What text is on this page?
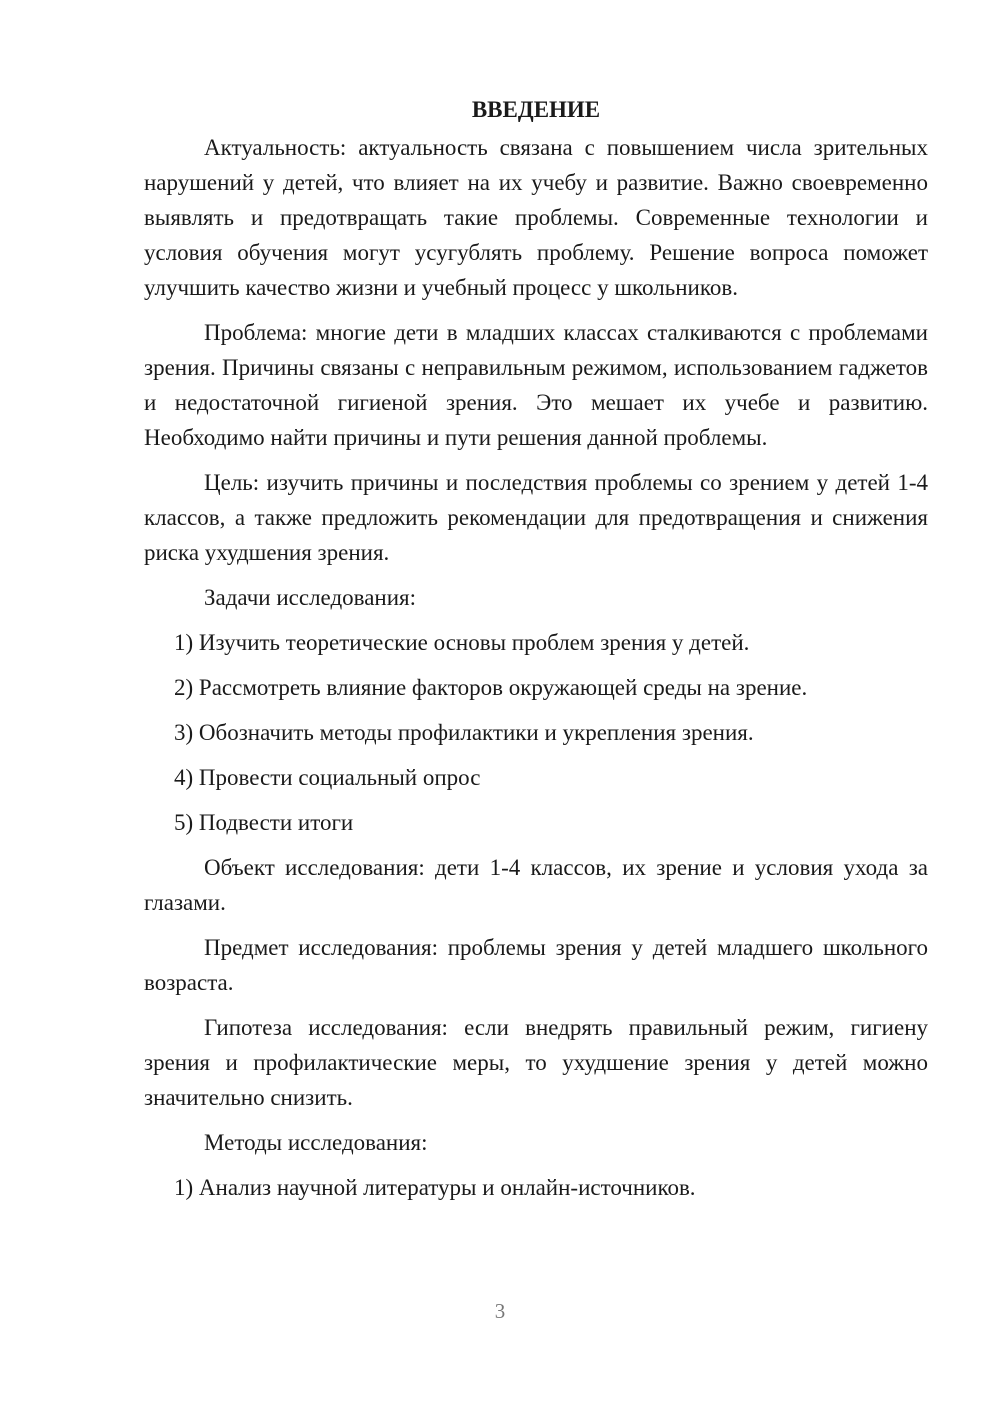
ВВЕДЕНИЕ

Актуальность: актуальность связана с повышением числа зрительных нарушений у детей, что влияет на их учебу и развитие. Важно своевременно выявлять и предотвращать такие проблемы. Современные технологии и условия обучения могут усугублять проблему. Решение вопроса поможет улучшить качество жизни и учебный процесс у школьников.

Проблема: многие дети в младших классах сталкиваются с проблемами зрения. Причины связаны с неправильным режимом, использованием гаджетов и недостаточной гигиеной зрения. Это мешает их учебе и развитию. Необходимо найти причины и пути решения данной проблемы.

Цель: изучить причины и последствия проблемы со зрением у детей 1-4 классов, а также предложить рекомендации для предотвращения и снижения риска ухудшения зрения.

Задачи исследования:

1) Изучить теоретические основы проблем зрения у детей.
2) Рассмотреть влияние факторов окружающей среды на зрение.
3) Обозначить методы профилактики и укрепления зрения.
4) Провести социальный опрос
5) Подвести итоги

Объект исследования: дети 1-4 классов, их зрение и условия ухода за глазами.

Предмет исследования: проблемы зрения у детей младшего школьного возраста.

Гипотеза исследования: если внедрять правильный режим, гигиену зрения и профилактические меры, то ухудшение зрения у детей можно значительно снизить.

Методы исследования:

1) Анализ научной литературы и онлайн-источников.
3
